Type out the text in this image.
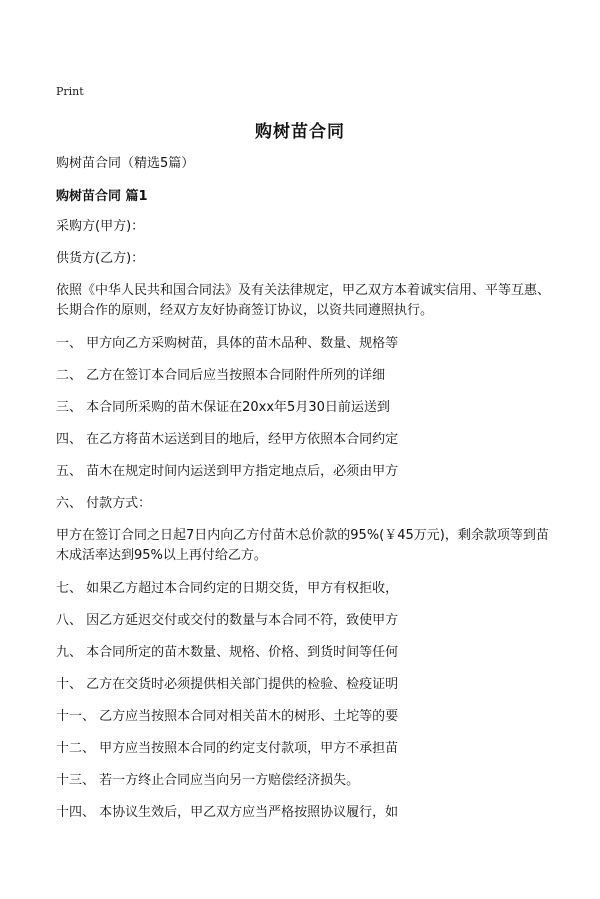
Print
购树苗合同
购树苗合同（精选5篇）
购树苗合同 篇1

采购方(甲方)：

供货方(乙方)：

依照《中华人民共和国合同法》及有关法律规定，甲乙双方本着诚实信用、平等互惠、长期合作的原则，经双方友好协商签订协议，以资共同遵照执行。

一、 甲方向乙方采购树苗，具体的苗木品种、数量、规格等

二、 乙方在签订本合同后应当按照本合同附件所列的详细

三、 本合同所采购的苗木保证在20xx年5月30日前运送到

四、 在乙方将苗木运送到目的地后，经甲方依照本合同约定

五、 苗木在规定时间内运送到甲方指定地点后，必须由甲方

六、 付款方式：

甲方在签订合同之日起7日内向乙方付苗木总价款的95%(￥45万元)，剩余款项等到苗木成活率达到95%以上再付给乙方。

七、 如果乙方超过本合同约定的日期交货，甲方有权拒收，

八、 因乙方延迟交付或交付的数量与本合同不符，致使甲方

九、 本合同所定的苗木数量、规格、价格、到货时间等任何

十、 乙方在交货时必须提供相关部门提供的检验、检疫证明

十一、 乙方应当按照本合同对相关苗木的树形、土坨等的要

十二、 甲方应当按照本合同的约定支付款项，甲方不承担苗

十三、 若一方终止合同应当向另一方赔偿经济损失。

十四、 本协议生效后，甲乙双方应当严格按照协议履行，如
